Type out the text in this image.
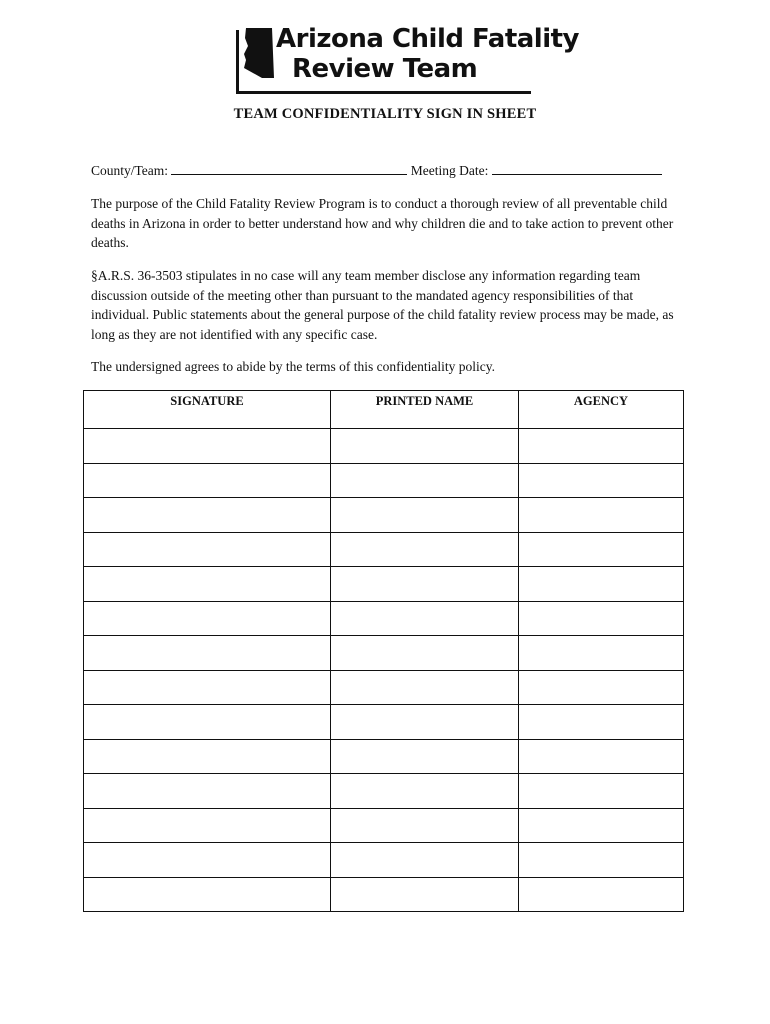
Arizona Child Fatality
Review Team
TEAM CONFIDENTIALITY SIGN IN SHEET
County/Team:	Meeting Date:
The purpose of the Child Fatality Review Program is to conduct a thorough review of all preventable child deaths in Arizona in order to better understand how and why children die and to take action to prevent other deaths.
§A.R.S. 36-3503 stipulates in no case will any team member disclose any information regarding team discussion outside of the meeting other than pursuant to the mandated agency responsibilities of that individual. Public statements about the general purpose of the child fatality review process may be made, as long as they are not identified with any specific case.
The undersigned agrees to abide by the terms of this confidentiality policy.
SIGNATURE	PRINTED NAME	AGENCY
